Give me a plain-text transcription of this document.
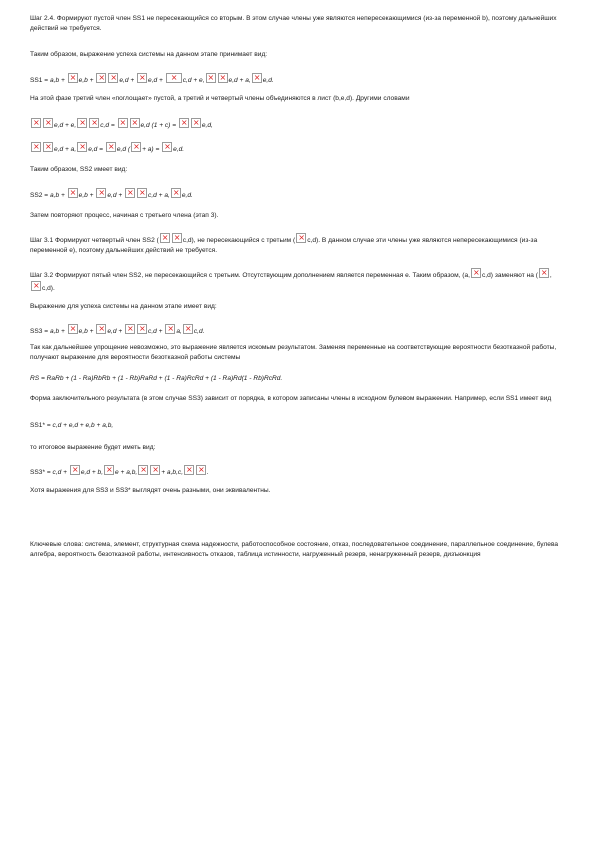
Шаг 2.4. Формируют пустой член SS1 не пересекающийся со вторым. В этом случае члены уже являются непересекающимися (из-за переменной b), поэтому дальнейших действий не требуется.

Таким образом, выражение успеха системы на данном этапе принимает вид:

SS1 = a,b + ×e,b + × ×	e,d + ×e,d + ×	c,d + e, × ×	e,d + a, × e,d.

На этой фазе третий член «поглощает» пустой, а третий и четвертый члены объединяются в лист (b,e,d). Другими словами

××e,d + e, × ×	c,d = × ×	e,d (1 + c) = × ×	e,d,
××e,d + a, × e,d = ×e,d ( × + a) = ×e,d.

Таким образом, SS2 имеет вид:

SS2 = a,b + ×e,b + ×e,d + × ×	c,d + a, × e,d.

Затем повторяют процесс, начиная с третьего члена (этап 3).

Шаг 3.1 Формируют четвертый член SS2 ( × ×	c,d), не пересекающийся с третьим ( × c,d). В данном случае эти члены уже являются непересекающимися (из-за переменной e), поэтому дальнейших действий не требуется.

Шаг 3.2 Формируют пятый член SS2, не пересекающийся с третьим. Отсутствующим дополнением является переменная e. Таким образом, (a, × c,d) заменяют на (× ,×c,d).

Выражение для успеха системы на данном этапе имеет вид:

SS3 = a,b + ×e,b + ×e,d + × ×	c,d + ×a, × c,d.

Так как дальнейшее упрощение невозможно, это выражение является искомым результатом. Заменяя переменные на соответствующие вероятности безотказной работы, получают выражение для вероятности безотказной работы системы

RS = RaRb + (1 - Ra)RbRb + (1 - Rb)RaRd + (1 - Ra)RcRd + (1 - Ra)Rd(1 - Rb)RcRd.

Форма заключительного результата (в этом случае SS3) зависит от порядка, в котором записаны члены в исходном булевом выражении. Например, если SS1 имеет вид

SS1* = c,d + e,d + e,b + a,b,

то итоговое выражение будет иметь вид:

SS3* = c,d + ×e,d + b, × e + a,b, × ×	+ a,b,c, × ×	.

Хотя выражения для SS3 и SS3* выглядят очень разными, они эквивалентны.

Ключевые слова: система, элемент, структурная схема надежности, работоспособное состояние, отказ, последовательное соединение, параллельное соединение, булева алгебра, вероятность безотказной работы, интенсивность отказов, таблица истинности, нагруженный резерв, ненагруженный резерв, дизъюнкция
